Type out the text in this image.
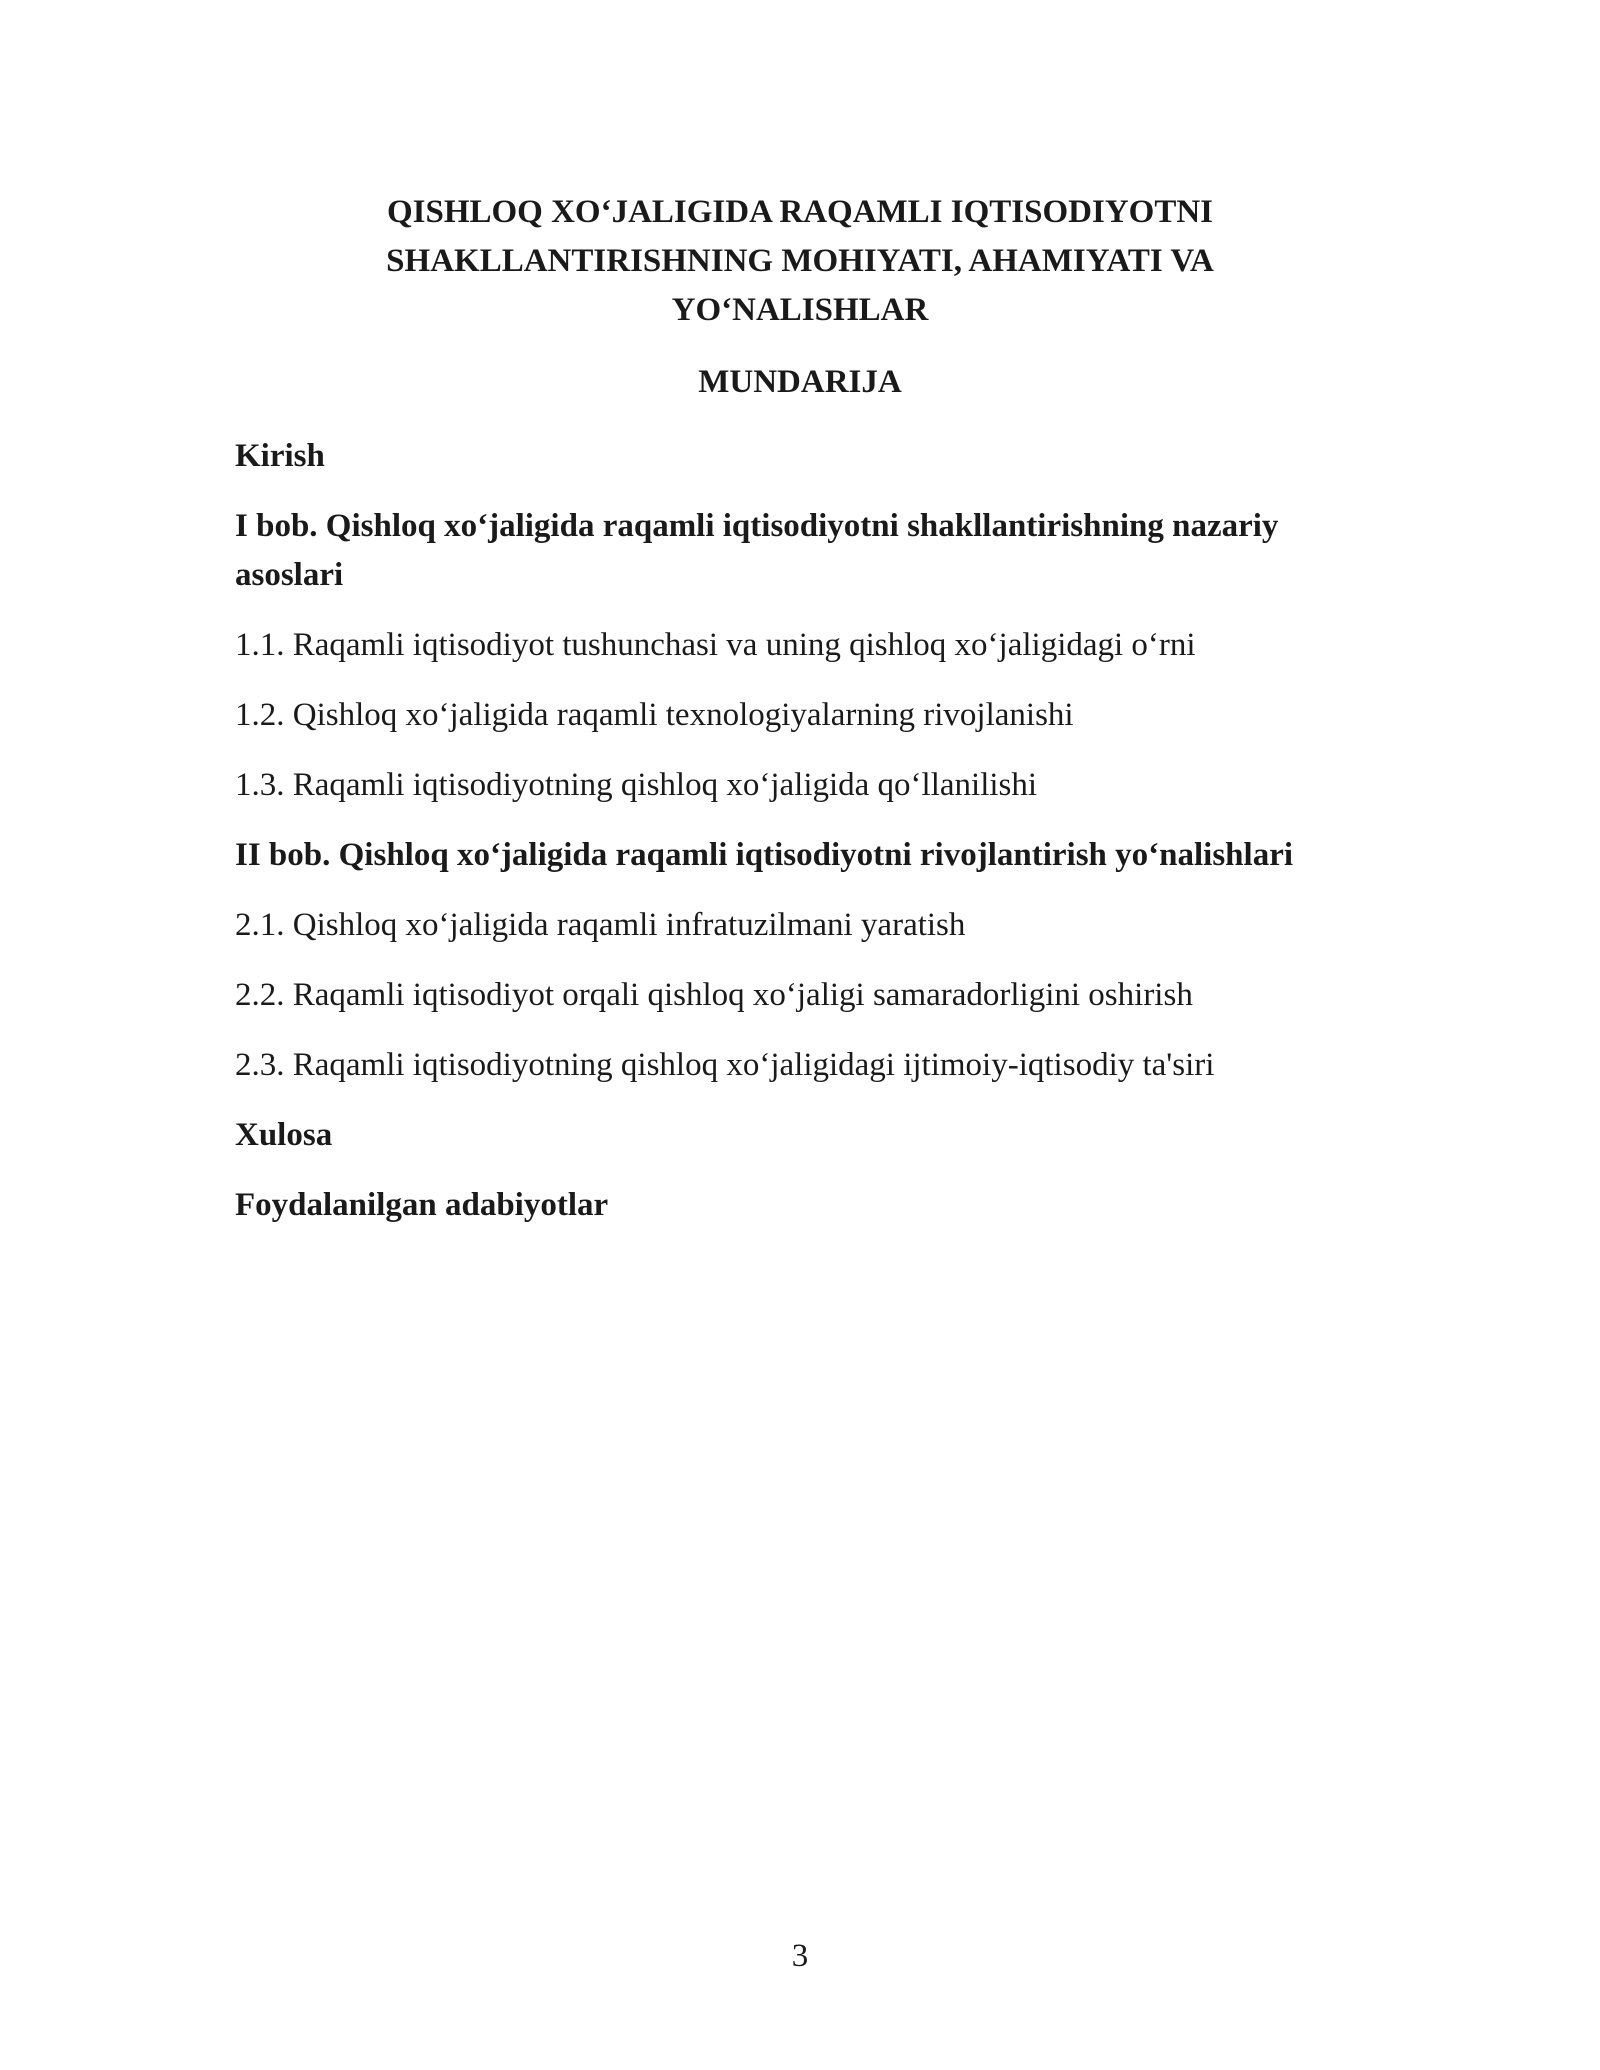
QISHLOQ XO‘JALIGIDA RAQAMLI IQTISODIYOTNI
SHAKLLANTIRISHNING MOHIYATI, AHAMIYATI VA
YO‘NALISHLAR
MUNDARIJA
Kirish
I bob. Qishloq xo‘jaligida raqamli iqtisodiyotni shakllantirishning nazariy asoslari
1.1. Raqamli iqtisodiyot tushunchasi va uning qishloq xo‘jaligidagi o‘rni
1.2. Qishloq xo‘jaligida raqamli texnologiyalarning rivojlanishi
1.3. Raqamli iqtisodiyotning qishloq xo‘jaligida qo‘llanilishi
II bob. Qishloq xo‘jaligida raqamli iqtisodiyotni rivojlantirish yo‘nalishlari
2.1. Qishloq xo‘jaligida raqamli infratuzilmani yaratish
2.2. Raqamli iqtisodiyot orqali qishloq xo‘jaligi samaradorligini oshirish
2.3. Raqamli iqtisodiyotning qishloq xo‘jaligidagi ijtimoiy-iqtisodiy ta'siri
Xulosa
Foydalanilgan adabiyotlar
3
